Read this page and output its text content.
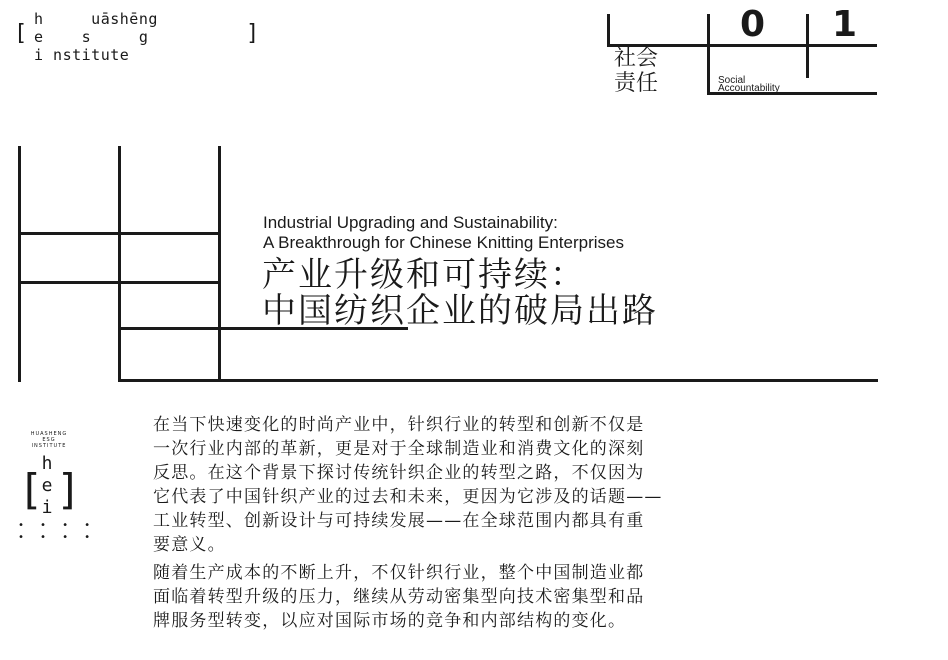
[
h     uāshēng
e    s     g
i nstitute
]	0 1
社会
责任	Social
Accountability
Industrial Upgrading and Sustainability:
A Breakthrough for Chinese Knitting Enterprises
产业升级和可持续：
中国纺织企业的破局出路
HUASHENG
ESG
INSTITUTE
[ ]
h
e
i
• • • •
• • • •
在当下快速变化的时尚产业中，针织行业的转型和创新不仅是
一次行业内部的革新，更是对于全球制造业和消费文化的深刻
反思。在这个背景下探讨传统针织企业的转型之路，不仅因为
它代表了中国针织产业的过去和未来，更因为它涉及的话题——
工业转型、创新设计与可持续发展——在全球范围内都具有重
要意义。
随着生产成本的不断上升，不仅针织行业，整个中国制造业都
面临着转型升级的压力，继续从劳动密集型向技术密集型和品
牌服务型转变，以应对国际市场的竞争和内部结构的变化。
